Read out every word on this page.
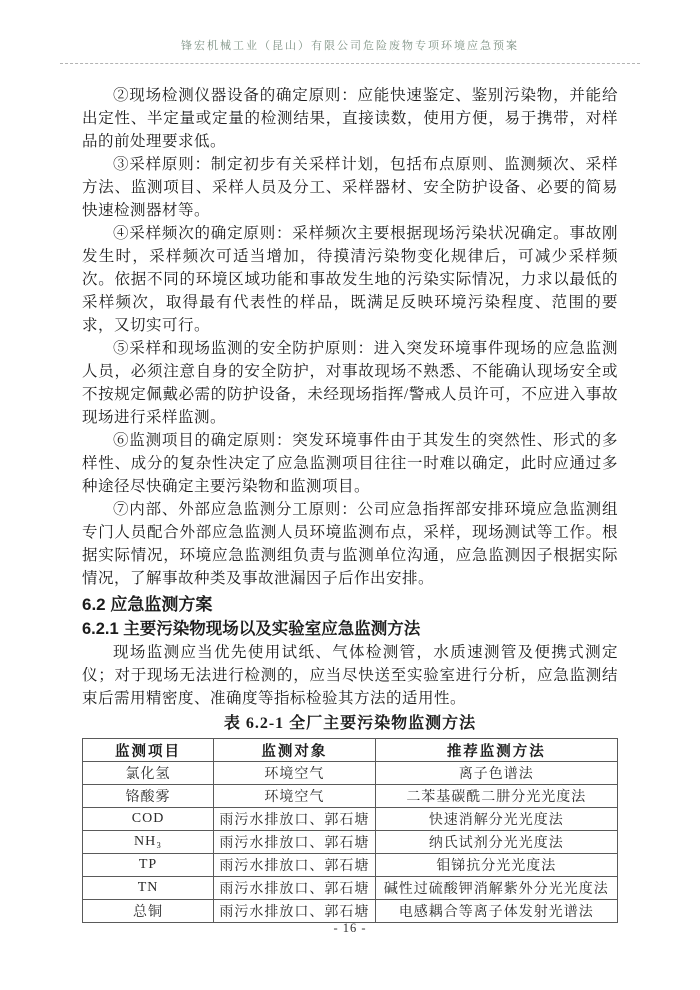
锋宏机械工业（昆山）有限公司危险废物专项环境应急预案

②现场检测仪器设备的确定原则：应能快速鉴定、鉴别污染物，并能给出定性、半定量或定量的检测结果，直接读数，使用方便，易于携带，对样品的前处理要求低。

③采样原则：制定初步有关采样计划，包括布点原则、监测频次、采样方法、监测项目、采样人员及分工、采样器材、安全防护设备、必要的简易快速检测器材等。

④采样频次的确定原则：采样频次主要根据现场污染状况确定。事故刚发生时，采样频次可适当增加，待摸清污染物变化规律后，可减少采样频次。依据不同的环境区域功能和事故发生地的污染实际情况，力求以最低的采样频次，取得最有代表性的样品，既满足反映环境污染程度、范围的要求，又切实可行。

⑤采样和现场监测的安全防护原则：进入突发环境事件现场的应急监测人员，必须注意自身的安全防护，对事故现场不熟悉、不能确认现场安全或不按规定佩戴必需的防护设备，未经现场指挥/警戒人员许可，不应进入事故现场进行采样监测。

⑥监测项目的确定原则：突发环境事件由于其发生的突然性、形式的多样性、成分的复杂性决定了应急监测项目往往一时难以确定，此时应通过多种途径尽快确定主要污染物和监测项目。

⑦内部、外部应急监测分工原则：公司应急指挥部安排环境应急监测组专门人员配合外部应急监测人员环境监测布点，采样，现场测试等工作。根据实际情况，环境应急监测组负责与监测单位沟通，应急监测因子根据实际情况，了解事故种类及事故泄漏因子后作出安排。

6.2 应急监测方案
6.2.1 主要污染物现场以及实验室应急监测方法

现场监测应当优先使用试纸、气体检测管，水质速测管及便携式测定仪；对于现场无法进行检测的，应当尽快送至实验室进行分析，应急监测结束后需用精密度、准确度等指标检验其方法的适用性。

表 6.2-1 全厂主要污染物监测方法
监测项目	监测对象	推荐监测方法
氯化氢	环境空气	离子色谱法
铬酸雾	环境空气	二苯基碳酰二肼分光光度法
COD	雨污水排放口、郭石塘	快速消解分光光度法
NH₃	雨污水排放口、郭石塘	纳氏试剂分光光度法
TP	雨污水排放口、郭石塘	钼锑抗分光光度法
TN	雨污水排放口、郭石塘	碱性过硫酸钾消解紫外分光光度法
总铜	雨污水排放口、郭石塘	电感耦合等离子体发射光谱法
- 16 -
